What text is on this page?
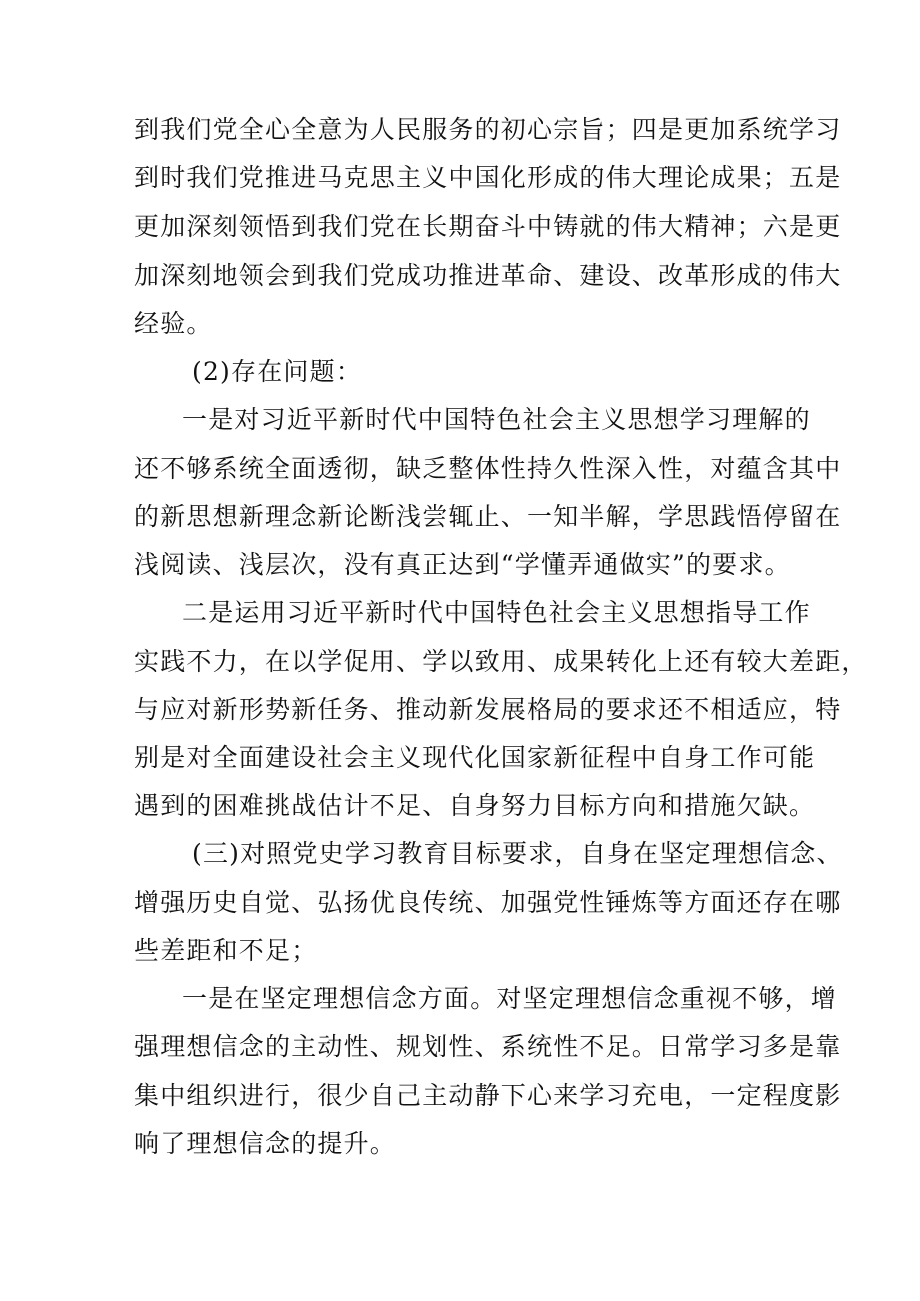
到我们党全心全意为人民服务的初心宗旨；四是更加系统学习
到时我们党推进马克思主义中国化形成的伟大理论成果；五是
更加深刻领悟到我们党在长期奋斗中铸就的伟大精神；六是更
加深刻地领会到我们党成功推进革命、建设、改革形成的伟大
经验。
(2)存在问题：
一是对习近平新时代中国特色社会主义思想学习理解的
还不够系统全面透彻，缺乏整体性持久性深入性，对蕴含其中
的新思想新理念新论断浅尝辄止、一知半解，学思践悟停留在
浅阅读、浅层次，没有真正达到“学懂弄通做实”的要求。
二是运用习近平新时代中国特色社会主义思想指导工作
实践不力，在以学促用、学以致用、成果转化上还有较大差距，
与应对新形势新任务、推动新发展格局的要求还不相适应，特
别是对全面建设社会主义现代化国家新征程中自身工作可能
遇到的困难挑战估计不足、自身努力目标方向和措施欠缺。
(三)对照党史学习教育目标要求，自身在坚定理想信念、
增强历史自觉、弘扬优良传统、加强党性锤炼等方面还存在哪
些差距和不足；
一是在坚定理想信念方面。对坚定理想信念重视不够，增
强理想信念的主动性、规划性、系统性不足。日常学习多是靠
集中组织进行，很少自己主动静下心来学习充电，一定程度影
响了理想信念的提升。
